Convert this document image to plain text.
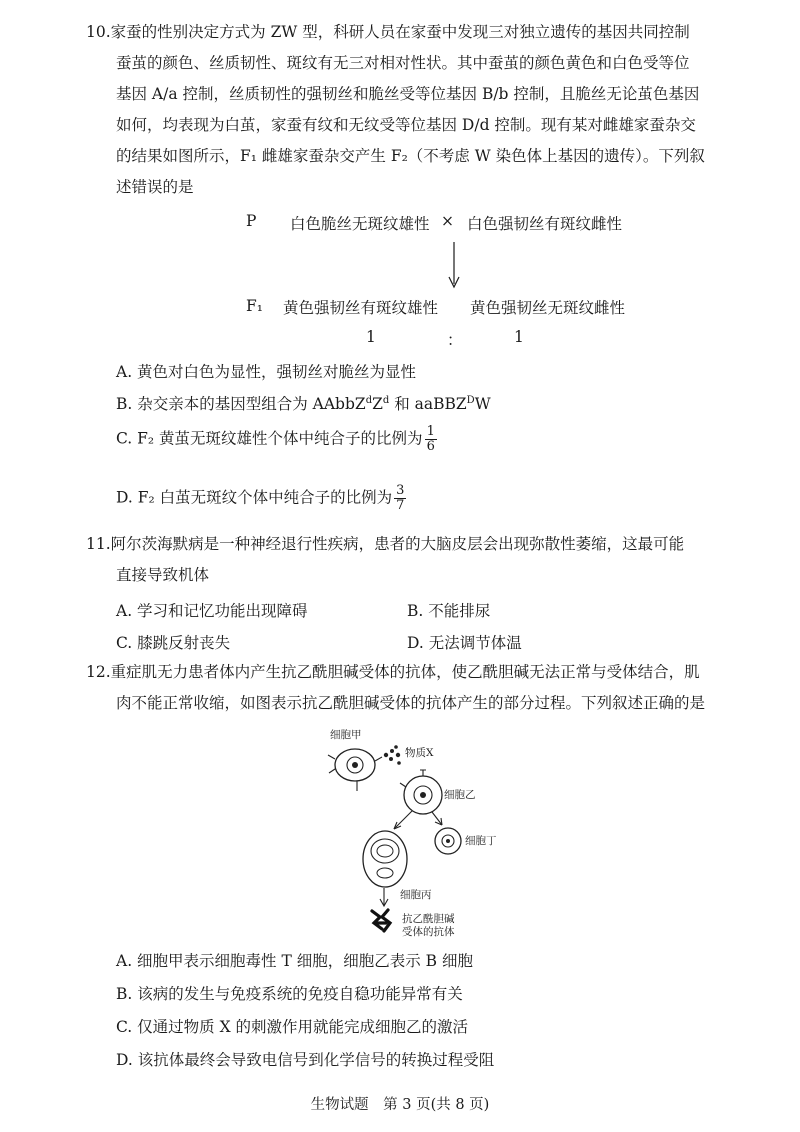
10.家蚕的性别决定方式为 ZW 型，科研人员在家蚕中发现三对独立遗传的基因共同控制
蚕茧的颜色、丝质韧性、斑纹有无三对相对性状。其中蚕茧的颜色黄色和白色受等位
基因 A/a 控制，丝质韧性的强韧丝和脆丝受等位基因 B/b 控制，且脆丝无论茧色基因
如何，均表现为白茧，家蚕有纹和无纹受等位基因 D/d 控制。现有某对雌雄家蚕杂交
的结果如图所示，F₁ 雌雄家蚕杂交产生 F₂（不考虑 W 染色体上基因的遗传）。下列叙
述错误的是
P 白色脆丝无斑纹雄性 × 白色强韧丝有斑纹雌性
F₁ 黄色强韧丝有斑纹雄性 黄色强韧丝无斑纹雌性
1	：	1
A. 黄色对白色为显性，强韧丝对脆丝为显性
B. 杂交亲本的基因型组合为 $AAbbZ^dZ^d$ 和 aaBBZ$^D$W
C. F₂ 黄茧无斑纹雄性个体中纯合子的比例为 $\frac{1}{6}$
D. F₂ 白茧无斑纹个体中纯合子的比例为 $\frac{3}{7}$
11.阿尔茨海默病是一种神经退行性疾病，患者的大脑皮层会出现弥散性萎缩，这最可能
直接导致机体
A. 学习和记忆功能出现障碍	B. 不能排尿
C. 膝跳反射丧失	D. 无法调节体温
12.重症肌无力患者体内产生抗乙酰胆碱受体的抗体，使乙酰胆碱无法正常与受体结合，肌
肉不能正常收缩，如图表示抗乙酰胆碱受体的抗体产生的部分过程。下列叙述正确的是
细胞甲
物质X
细胞乙
细胞丁
细胞丙
抗乙酰胆碱
受体的抗体
A. 细胞甲表示细胞毒性 T 细胞，细胞乙表示 B 细胞
B. 该病的发生与免疫系统的免疫自稳功能异常有关
C. 仅通过物质 X 的刺激作用就能完成细胞乙的激活
D. 该抗体最终会导致电信号到化学信号的转换过程受阻
生物试题　第 3 页(共 8 页)
